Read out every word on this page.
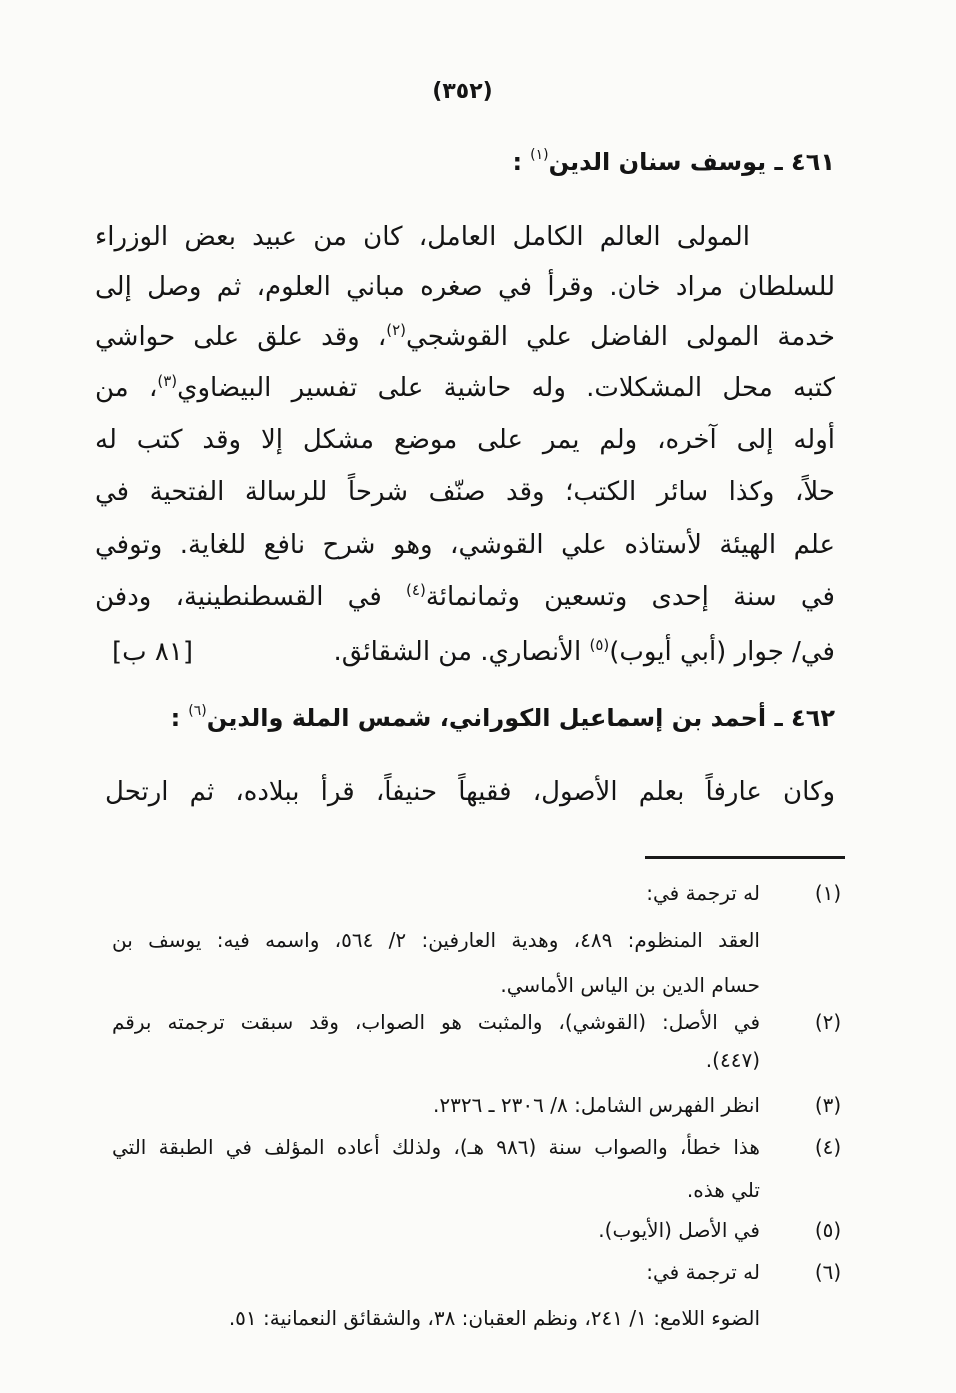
(٣٥٢)
٤٦١ ـ يوسف سنان الدين$^{(١)}$:
المولى العالم الكامل العامل، كان من عبيد بعض الوزراء
للسلطان مراد خان. وقرأ في صغره مباني العلوم، ثم وصل إلى
خدمة المولى الفاضل علي القوشجي$^{(٢)}$، وقد علق على حواشي
كتبه محل المشكلات. وله حاشية على تفسير البيضاوي$^{(٣)}$، من
أوله إلى آخره، ولم يمر على موضع مشكل إلا وقد كتب له
حلاً، وكذا سائر الكتب؛ وقد صنّف شرحاً للرسالة الفتحية في
علم الهيئة لأستاذه علي القوشي، وهو شرح نافع للغاية. وتوفي
في سنة إحدى وتسعين وثمانمائة$^{(٤)}$ في القسطنطينية، ودفن
في/ جوار (أبي أيوب)$^{(٥)}$ الأنصاري. من الشقائق.
[٨١ ب]
٤٦٢ ـ أحمد بن إسماعيل الكوراني، شمس الملة والدين$^{(٦)}$:
وكان عارفاً بعلم الأصول، فقيهاً حنيفاً، قرأ ببلاده، ثم ارتحل
(١)
له ترجمة في:
العقد المنظوم: ٤٨٩، وهدية العارفين: ٢/ ٥٦٤، واسمه فيه: يوسف بن
حسام الدين بن الياس الأماسي.
(٢)
في الأصل: (القوشي)، والمثبت هو الصواب، وقد سبقت ترجمته برقم
(٤٤٧).
(٣)
انظر الفهرس الشامل: ٨/ ٢٣٠٦ ـ ٢٣٢٦.
(٤)
هذا خطأ، والصواب سنة (٩٨٦ هـ)، ولذلك أعاده المؤلف في الطبقة التي
تلي هذه.
(٥)
في الأصل (الأيوب).
(٦)
له ترجمة في:
الضوء اللامع: ١/ ٢٤١، ونظم العقبان: ٣٨، والشقائق النعمانية: ٥١.
